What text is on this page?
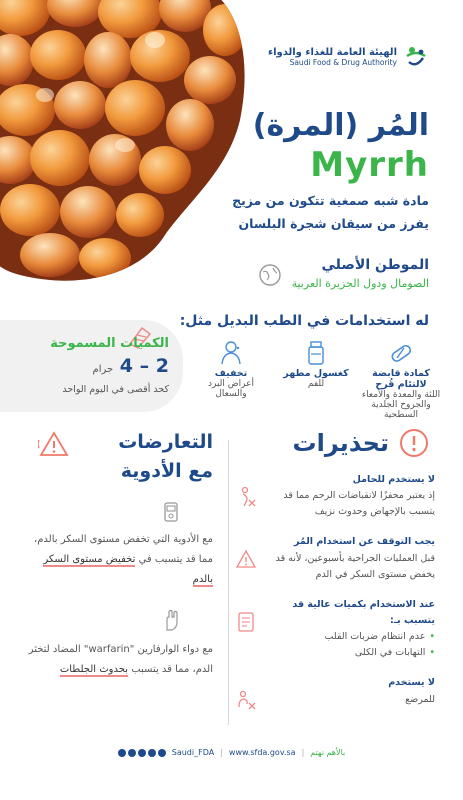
الهيئة العامة للغذاء والدواء
Saudi Food & Drug Authority
المُر (المرة)
Myrrh
مادة شبه صمغية تتكون من مزيج يفرز من سيقان شجرة البلسان
الموطن الأصلي
الصومال ودول الجزيرة العربية
له استخدامات في الطب البديل مثل:
كمادة قابضة لالتئام قُرح
اللثة والمعدة والأمعاء والجروح الجلدية السطحية
كغسول مطهر
للفم
تخفيف
أعراض البرد والسعال
الكميات المسموحة
2 – 4 جرام
كحد أقصى في اليوم الواحد
تحذيرات
لا يستخدم للحامل
إذ يعتبر محفزًا لانقباضات الرحم مما قد يتسبب بالإجهاض وحدوث نزيف
يجب التوقف عن استخدام المُر
قبل العمليات الجراحية بأسبوعين، لأنه قد يخفض مستوى السكر في الدم
عند الاستخدام بكميات عالية قد يتسبب بـ:
• عدم انتظام ضربات القلب
• التهابات في الكلى
لا يستخدم
للمرضع
التعارضات
مع الأدوية
مع الأدوية التي تخفض مستوى السكر بالدم، مما قد يتسبب في تخفيض مستوى السكر بالدم
مع دواء الوارفارين "warfarin" المضاد لتخثر الدم، مما قد يتسبب بحدوث الجلطات
Saudi_FDA | www.sfda.gov.sa | بالأهم نهتم
